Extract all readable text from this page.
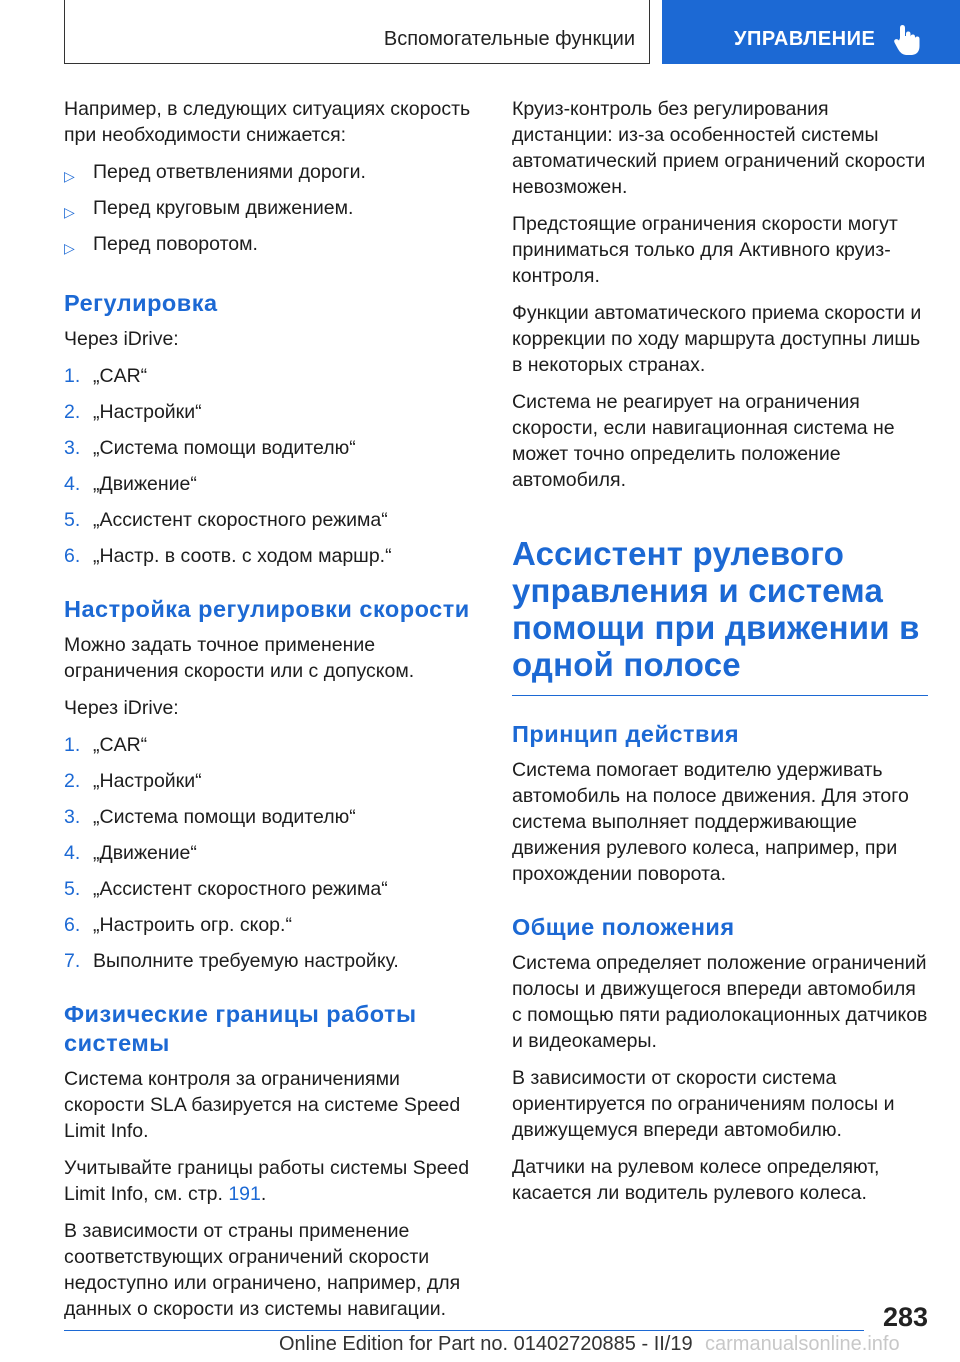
Вспомогательные функции	УПРАВЛЕНИЕ

Например, в следующих ситуациях скорость при необходимости снижается:

▷ Перед ответвлениями дороги.
▷ Перед круговым движением.
▷ Перед поворотом.
Регулировка

Через iDrive:

1. „CAR“
2. „Настройки“
3. „Система помощи водителю“
4. „Движение“
5. „Ассистент скоростного режима“
6. „Настр. в соотв. с ходом маршр.“
Настройка регулировки скорости

Можно задать точное применение ограничения скорости или с допуском.

Через iDrive:

1. „CAR“
2. „Настройки“
3. „Система помощи водителю“
4. „Движение“
5. „Ассистент скоростного режима“
6. „Настроить огр. скор.“
7. Выполните требуемую настройку.
Физические границы работы системы

Система контроля за ограничениями скорости SLA базируется на системе Speed Limit Info.

Учитывайте границы работы системы Speed Limit Info, см. стр. 191.

В зависимости от страны применение соответствующих ограничений скорости недоступно или ограничено, например, для данных о скорости из системы навигации.

Круиз-контроль без регулирования дистанции: из-за особенностей системы автоматический прием ограничений скорости невозможен.

Предстоящие ограничения скорости могут приниматься только для Активного круиз-контроля.

Функции автоматического приема скорости и коррекции по ходу маршрута доступны лишь в некоторых странах.

Система не реагирует на ограничения скорости, если навигационная система не может точно определить положение автомобиля.

Ассистент рулевого управления и система помощи при движении в одной полосе
Принцип действия

Система помогает водителю удерживать автомобиль на полосе движения. Для этого система выполняет поддерживающие движения рулевого колеса, например, при прохождении поворота.

Общие положения

Система определяет положение ограничений полосы и движущегося впереди автомобиля с помощью пяти радиолокационных датчиков и видеокамеры.

В зависимости от скорости система ориентируется по ограничениям полосы и движущемуся впереди автомобилю.

Датчики на рулевом колесе определяют, касается ли водитель рулевого колеса.

283
Online Edition for Part no. 01402720885 - II/19 carmanualsonline.info
